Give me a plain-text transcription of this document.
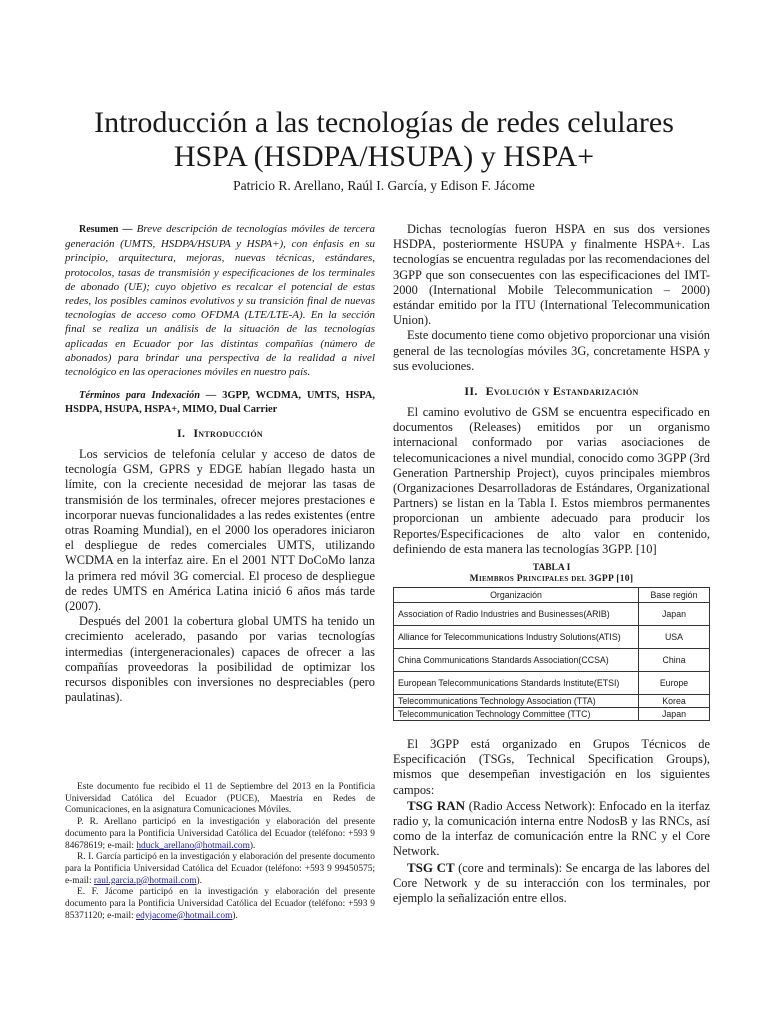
Introducción a las tecnologías de redes celulares
HSPA (HSDPA/HSUPA) y HSPA+

Patricio R. Arellano, Raúl I. García, y Edison F. Jácome

Resumen — Breve descripción de tecnologías móviles de tercera generación (UMTS, HSDPA/HSUPA y HSPA+), con énfasis en su principio, arquitectura, mejoras, nuevas técnicas, estándares, protocolos, tasas de transmisión y especificaciones de los terminales de abonado (UE); cuyo objetivo es recalcar el potencial de estas redes, los posibles caminos evolutivos y su transición final de nuevas tecnologías de acceso como OFDMA (LTE/LTE-A). En la sección final se realiza un análisis de la situación de las tecnologías aplicadas en Ecuador por las distintas compañías (número de abonados) para brindar una perspectiva de la realidad a nivel tecnológico en las operaciones móviles en nuestro país.

Términos para Indexación — 3GPP, WCDMA, UMTS, HSPA, HSDPA, HSUPA, HSPA+, MIMO, Dual Carrier

I. Introducción

Los servicios de telefonía celular y acceso de datos de tecnología GSM, GPRS y EDGE habían llegado hasta un límite, con la creciente necesidad de mejorar las tasas de transmisión de los terminales, ofrecer mejores prestaciones e incorporar nuevas funcionalidades a las redes existentes (entre otras Roaming Mundial), en el 2000 los operadores iniciaron el despliegue de redes comerciales UMTS, utilizando WCDMA en la interfaz aire. En el 2001 NTT DoCoMo lanza la primera red móvil 3G comercial. El proceso de despliegue de redes UMTS en América Latina inició 6 años más tarde (2007).

Después del 2001 la cobertura global UMTS ha tenido un crecimiento acelerado, pasando por varias tecnologías intermedias (intergeneracionales) capaces de ofrecer a las compañías proveedoras la posibilidad de optimizar los recursos disponibles con inversiones no despreciables (pero paulatinas).

Este documento fue recibido el 11 de Septiembre del 2013 en la Pontificia Universidad Católica del Ecuador (PUCE), Maestría en Redes de Comunicaciones, en la asignatura Comunicaciones Móviles.

P. R. Arellano participó en la investigación y elaboración del presente documento para la Pontificia Universidad Católica del Ecuador (teléfono: +593 9 84678619; e-mail: hduck_arellano@hotmail.com).

R. I. García participó en la investigación y elaboración del presente documento para la Pontificia Universidad Católica del Ecuador (teléfono: +593 9 99450575; e-mail: raul.garcia.p@hotmail.com).

E. F. Jácome participó en la investigación y elaboración del presente documento para la Pontificia Universidad Católica del Ecuador (teléfono: +593 9 85371120; e-mail: edyjacome@hotmail.com).

Dichas tecnologías fueron HSPA en sus dos versiones HSDPA, posteriormente HSUPA y finalmente HSPA+. Las tecnologías se encuentra reguladas por las recomendaciones del 3GPP que son consecuentes con las especificaciones del IMT-2000 (International Mobile Telecommunication – 2000) estándar emitido por la ITU (International Telecommunication Union).

Este documento tiene como objetivo proporcionar una visión general de las tecnologías móviles 3G, concretamente HSPA y sus evoluciones.

II. Evolución y Estandarización

El camino evolutivo de GSM se encuentra especificado en documentos (Releases) emitidos por un organismo internacional conformado por varias asociaciones de telecomunicaciones a nivel mundial, conocido como 3GPP (3rd Generation Partnership Project), cuyos principales miembros (Organizaciones Desarrolladoras de Estándares, Organizational Partners) se listan en la Tabla I. Estos miembros permanentes proporcionan un ambiente adecuado para producir los Reportes/Especificaciones de alto valor en contenido, definiendo de esta manera las tecnologías 3GPP. [10]

TABLA I
Miembros Principales del 3GPP [10]
Organización	Base región
Association of Radio Industries and Businesses(ARIB)	Japan
Alliance for Telecommunications Industry Solutions(ATIS)	USA
China Communications Standards Association(CCSA)	China
European Telecommunications Standards Institute(ETSI)	Europe
Telecommunications Technology Association (TTA)	Korea
Telecommunication Technology Committee (TTC)	Japan

El 3GPP está organizado en Grupos Técnicos de Especificación (TSGs, Technical Specification Groups), mismos que desempeñan investigación en los siguientes campos:

TSG RAN (Radio Access Network): Enfocado en la iterfaz radio y, la comunicación interna entre NodosB y las RNCs, así como de la interfaz de comunicación entre la RNC y el Core Network.

TSG CT (core and terminals): Se encarga de las labores del Core Network y de su interacción con los terminales, por ejemplo la señalización entre ellos.
